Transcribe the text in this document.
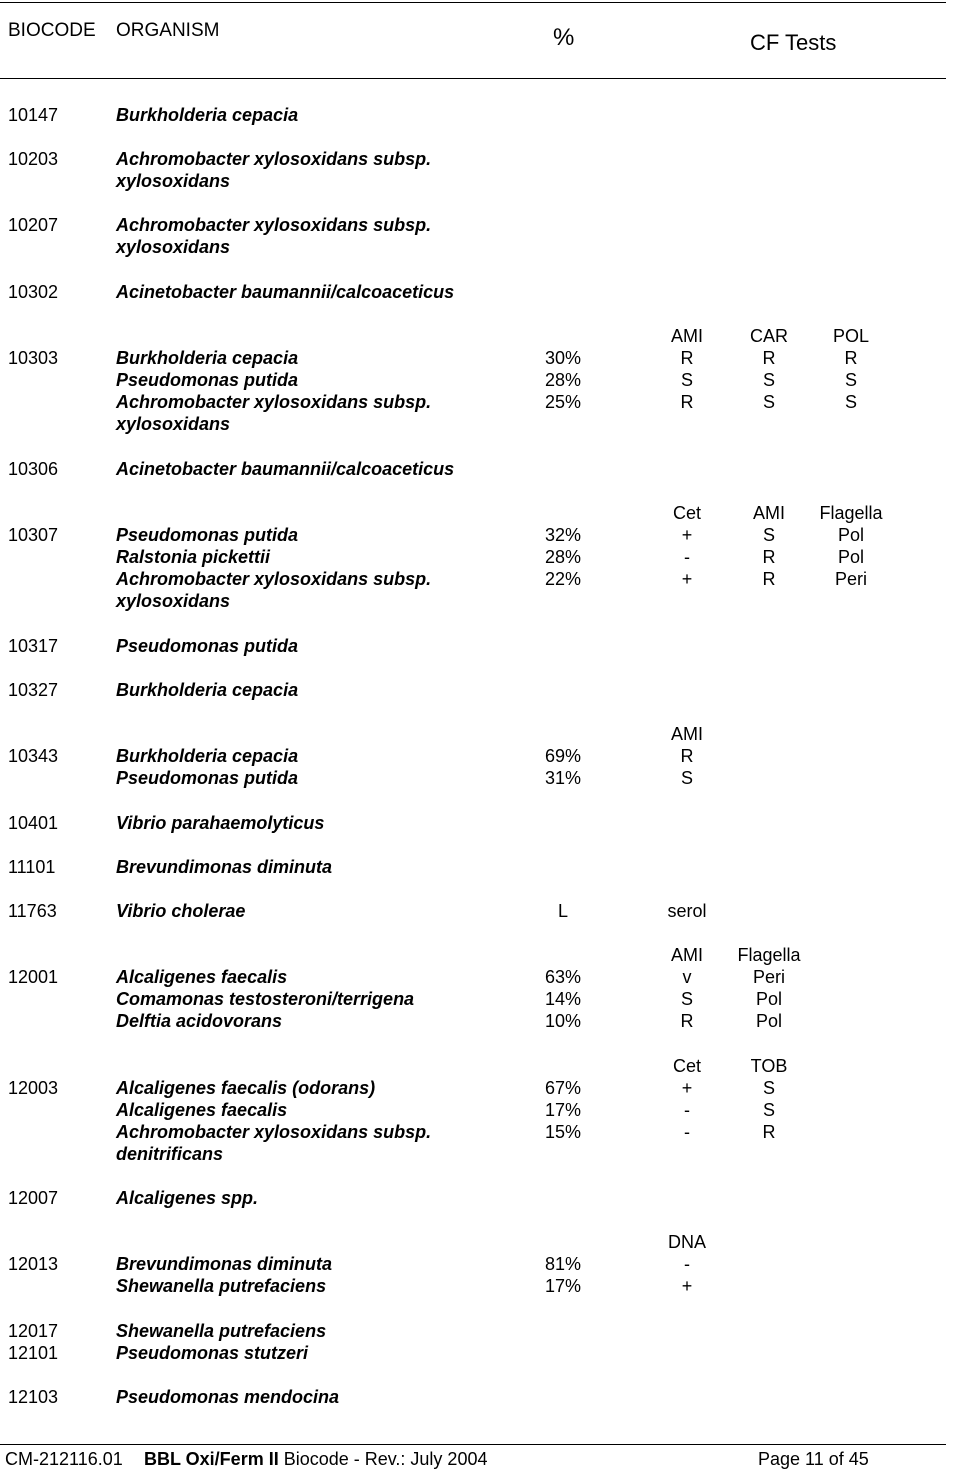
BIOCODE ORGANISM	%	CF Tests
10147	Burkholderia cepacia
10203	Achromobacter xylosoxidans subsp.
xylosoxidans
10207	Achromobacter xylosoxidans subsp.
xylosoxidans
10302	Acinetobacter baumannii/calcoaceticus
AMI	CAR	POL
10303	Burkholderia cepacia	30%	R	R	R
Pseudomonas putida	28%	S	S	S
Achromobacter xylosoxidans subsp.	25%	R	S	S
xylosoxidans
10306	Acinetobacter baumannii/calcoaceticus
Cet	AMI	Flagella
10307	Pseudomonas putida	32%	+	S	Pol
Ralstonia pickettii	28%	-	R	Pol
Achromobacter xylosoxidans subsp.	22%	+	R	Peri
xylosoxidans
10317	Pseudomonas putida
10327	Burkholderia cepacia
AMI
10343	Burkholderia cepacia	69%	R
Pseudomonas putida	31%	S
10401	Vibrio parahaemolyticus
11101	Brevundimonas diminuta
11763	Vibrio cholerae	L	serol
AMI	Flagella
12001	Alcaligenes faecalis	63%	v	Peri
Comamonas testosteroni/terrigena	14%	S	Pol
Delftia acidovorans	10%	R	Pol
Cet	TOB
12003	Alcaligenes faecalis (odorans)	67%	+	S
Alcaligenes faecalis	17%	-	S
Achromobacter xylosoxidans subsp.	15%	-	R
denitrificans
12007	Alcaligenes spp.
DNA
12013	Brevundimonas diminuta	81%	-
Shewanella putrefaciens	17%	+
12017	Shewanella putrefaciens
12101	Pseudomonas stutzeri
12103	Pseudomonas mendocina
CM-212116.01 BBL Oxi/Ferm II Biocode - Rev.: July 2004	Page 11 of 45
